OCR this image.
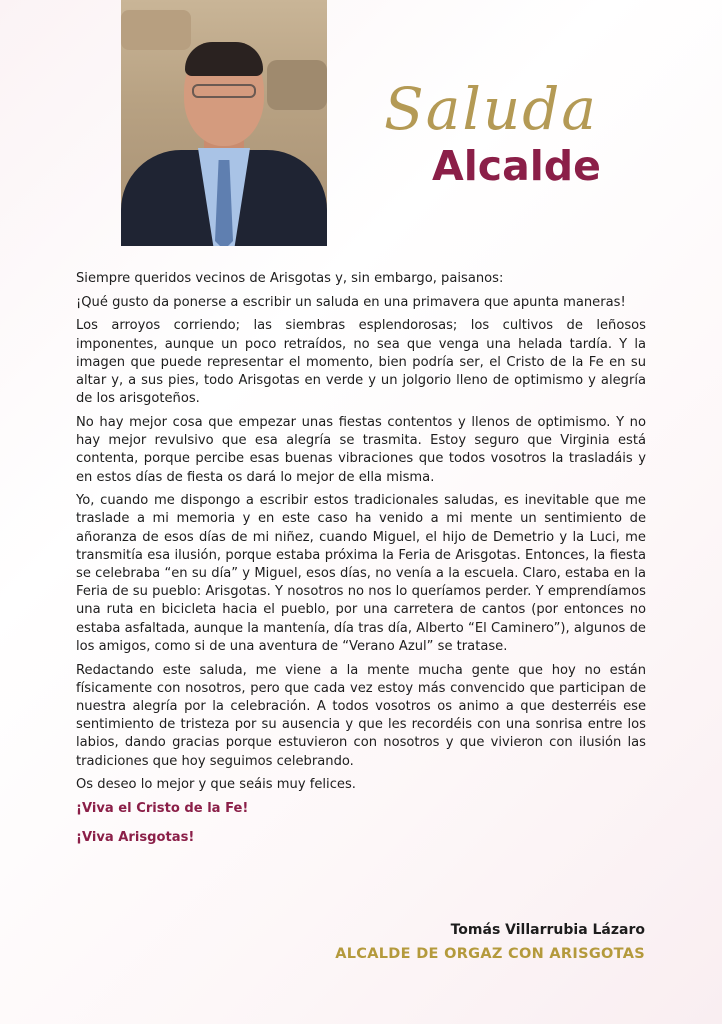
Saluda
Alcalde

Siempre queridos vecinos de Arisgotas y, sin embargo, paisanos:

¡Qué gusto da ponerse a escribir un saluda en una primavera que apunta maneras!

Los arroyos corriendo; las siembras esplendorosas; los cultivos de leñosos imponentes, aunque un poco retraídos, no sea que venga una helada tardía. Y la imagen que puede representar el momento, bien podría ser, el Cristo de la Fe en su altar y, a sus pies, todo Arisgotas en verde y un jolgorio lleno de optimismo y alegría de los arisgoteños.

No hay mejor cosa que empezar unas fiestas contentos y llenos de optimismo. Y no hay mejor revulsivo que esa alegría se trasmita. Estoy seguro que Virginia está contenta, porque percibe esas buenas vibraciones que todos vosotros la trasladáis y en estos días de fiesta os dará lo mejor de ella misma.

Yo, cuando me dispongo a escribir estos tradicionales saludas, es inevitable que me traslade a mi memoria y en este caso ha venido a mi mente un sentimiento de añoranza de esos días de mi niñez, cuando Miguel, el hijo de Demetrio y la Luci, me transmitía esa ilusión, porque estaba próxima la Feria de Arisgotas. Entonces, la fiesta se celebraba “en su día” y Miguel, esos días, no venía a la escuela. Claro, estaba en la Feria de su pueblo: Arisgotas. Y nosotros no nos lo queríamos perder. Y emprendíamos una ruta en bicicleta hacia el pueblo, por una carretera de cantos (por entonces no estaba asfaltada, aunque la mantenía, día tras día, Alberto “El Caminero”), algunos de los amigos, como si de una aventura de “Verano Azul” se tratase.

Redactando este saluda, me viene a la mente mucha gente que hoy no están físicamente con nosotros, pero que cada vez estoy más convencido que participan de nuestra alegría por la celebración. A todos vosotros os animo a que desterréis ese sentimiento de tristeza por su ausencia y que les recordéis con una sonrisa entre los labios, dando gracias porque estuvieron con nosotros y que vivieron con ilusión las tradiciones que hoy seguimos celebrando.

Os deseo lo mejor y que seáis muy felices.

¡Viva el Cristo de la Fe!

¡Viva Arisgotas!

Tomás Villarrubia Lázaro
ALCALDE DE ORGAZ CON ARISGOTAS
